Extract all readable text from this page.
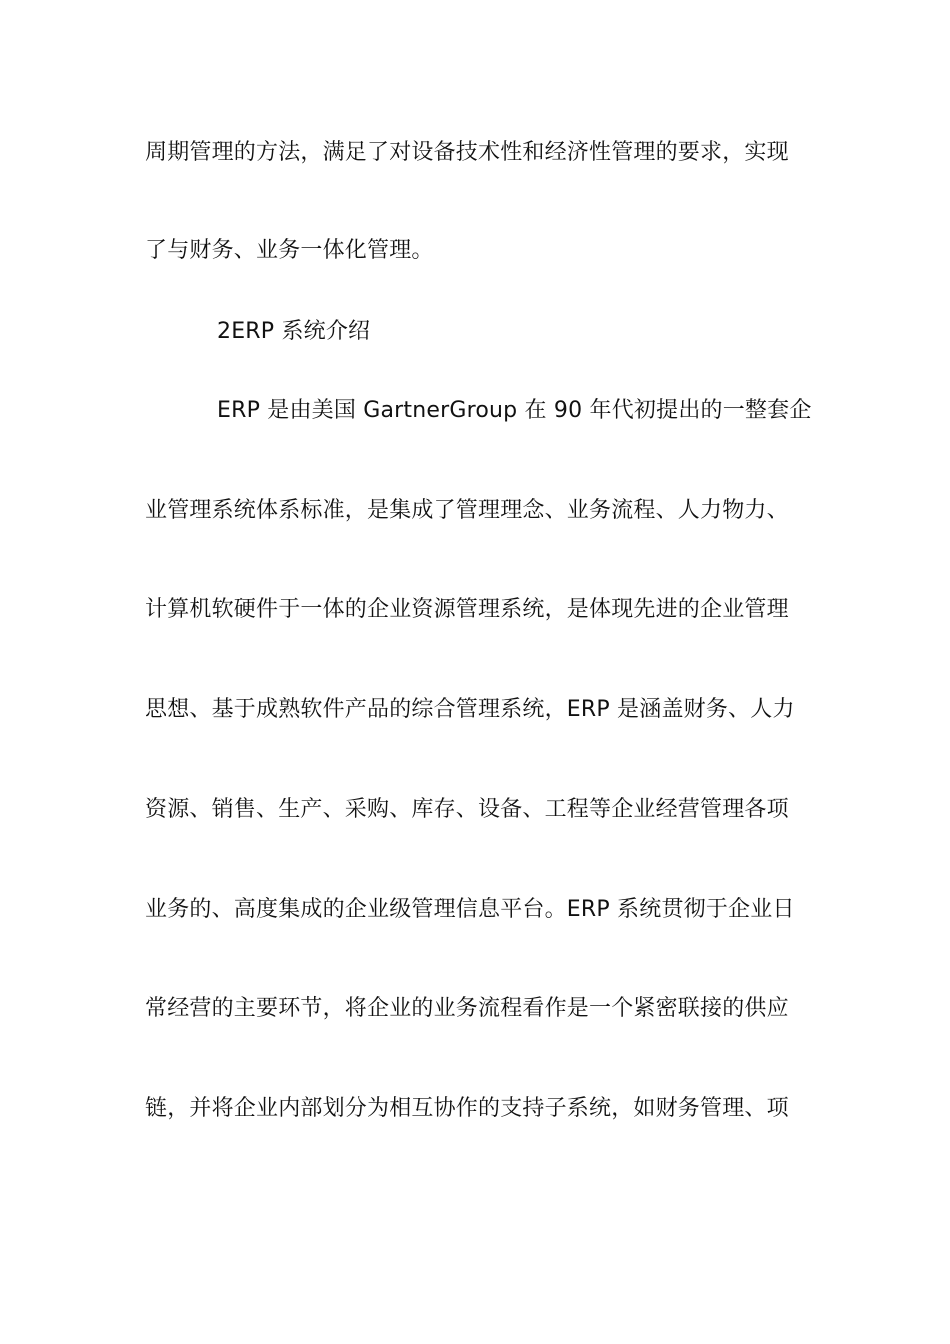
周期管理的方法，满足了对设备技术性和经济性管理的要求，实现
了与财务、业务一体化管理。
2ERP 系统介绍
ERP 是由美国 GartnerGroup 在 90 年代初提出的一整套企
业管理系统体系标准，是集成了管理理念、业务流程、人力物力、
计算机软硬件于一体的企业资源管理系统，是体现先进的企业管理
思想、基于成熟软件产品的综合管理系统，ERP 是涵盖财务、人力
资源、销售、生产、采购、库存、设备、工程等企业经营管理各项
业务的、高度集成的企业级管理信息平台。ERP 系统贯彻于企业日
常经营的主要环节，将企业的业务流程看作是一个紧密联接的供应
链，并将企业内部划分为相互协作的支持子系统，如财务管理、项
